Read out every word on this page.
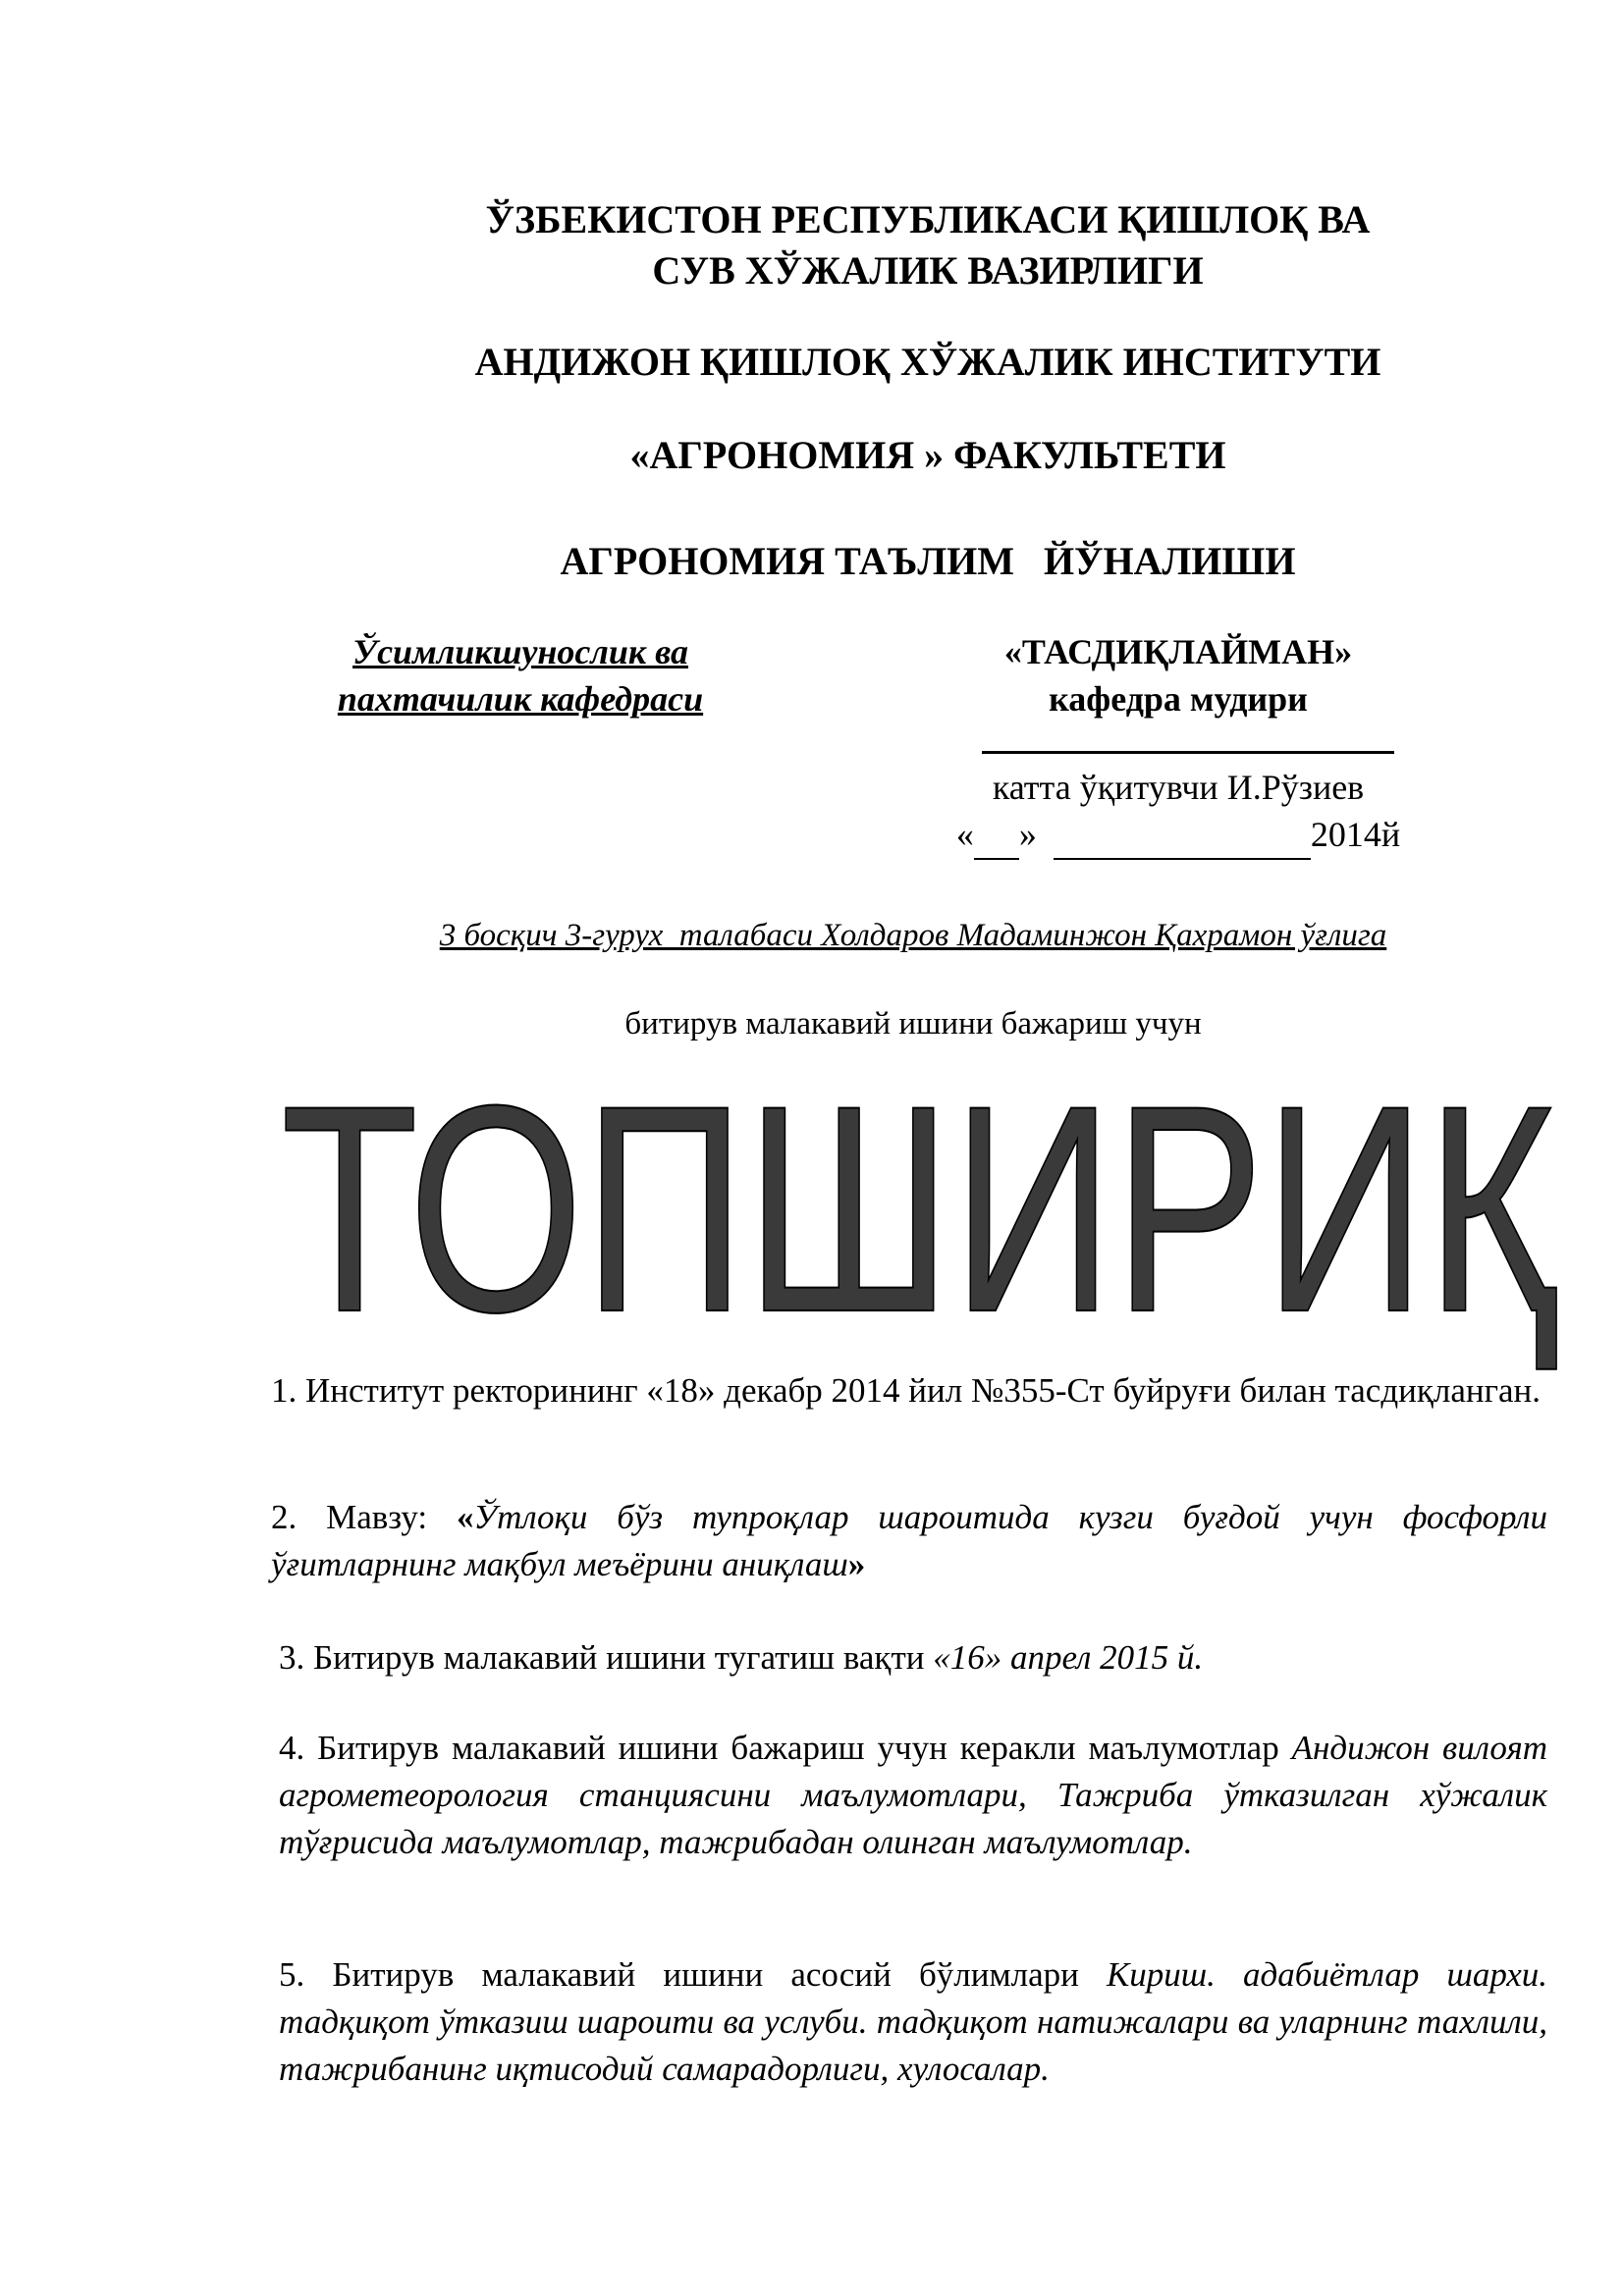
ЎЗБЕКИСТОН РЕСПУБЛИКАСИ ҚИШЛОҚ ВА
СУВ ХЎЖАЛИК ВАЗИРЛИГИ
АНДИЖОН ҚИШЛОҚ ХЎЖАЛИК ИНСТИТУТИ
«АГРОНОМИЯ » ФАКУЛЬТЕТИ
АГРОНОМИЯ ТАЪЛИМ   ЙЎНАЛИШИ
Ўсимликшунослик ва
пахтачилик кафедраси
«ТАСДИҚЛАЙМАН»
кафедра мудири
катта ўқитувчи И.Рўзиев
« »	2014й
3 босқич 3-гурух  талабаси Холдаров Мадаминжон Қахрамон ўғлига
битирув малакавий ишини бажариш учун
ТОПШИРИҚ
1. Институт ректорининг «18» декабр 2014 йил №355-Ст буйруғи билан тасдиқланган.
2. Мавзу: «Ўтлоқи бўз тупроқлар шароитида кузги буғдой учун фосфорли ўғитларнинг мақбул меъёрини аниқлаш»
3. Битирув малакавий ишини тугатиш вақти «16» апрел 2015 й.
4. Битирув малакавий ишини бажариш учун керакли маълумотлар Андижон вилоят агрометеорология станциясини маълумотлари, Тажриба ўтказилган хўжалик тўғрисида маълумотлар, тажрибадан олинган маълумотлар.
5. Битирув малакавий ишини асосий бўлимлари Кириш. адабиётлар шархи. тадқиқот ўтказиш шароити ва услуби. тадқиқот натижалари ва уларнинг тахлили, тажрибанинг иқтисодий самарадорлиги, хулосалар.
